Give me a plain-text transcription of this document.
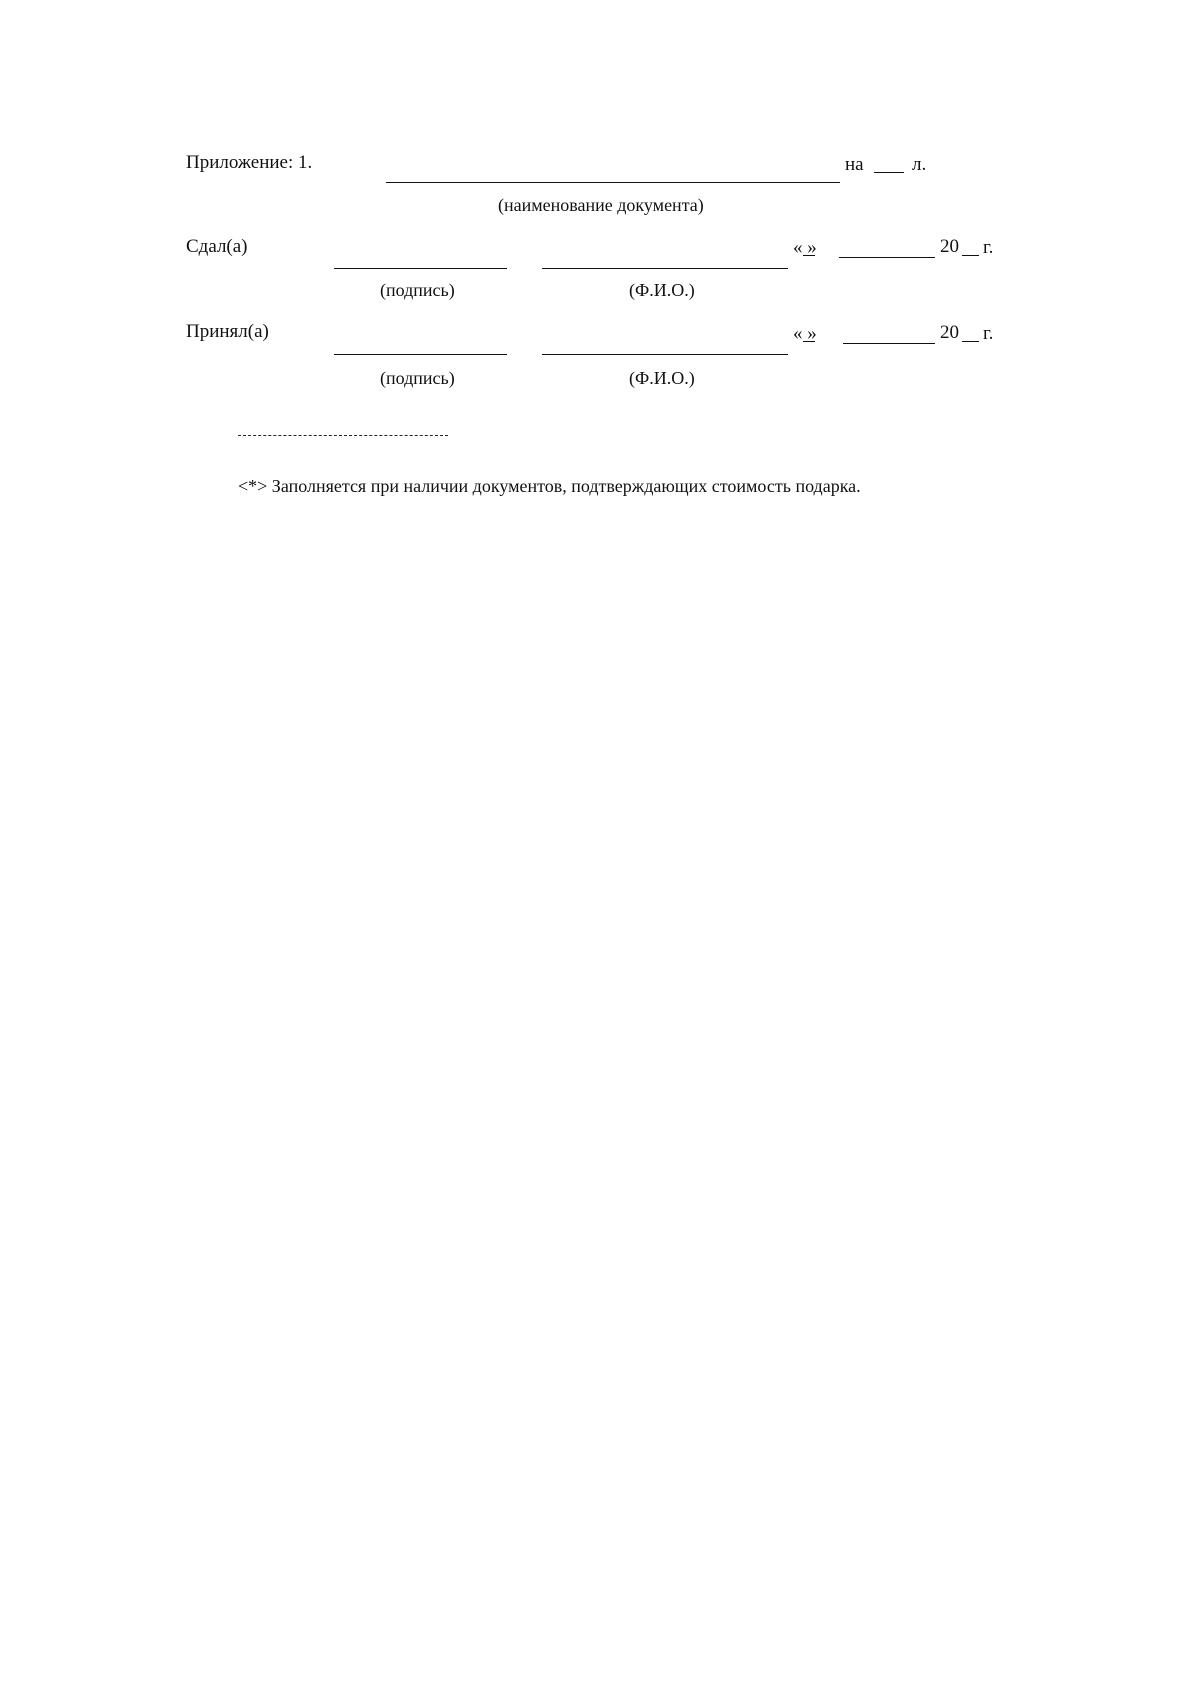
Приложение: 1.	на	л.
(наименование документа)
Сдал(а)	« »	20 г.
(подпись)	(Ф.И.О.)
Принял(а)	« »	20 г.
(подпись)	(Ф.И.О.)
<*> Заполняется при наличии документов, подтверждающих стоимость подарка.
